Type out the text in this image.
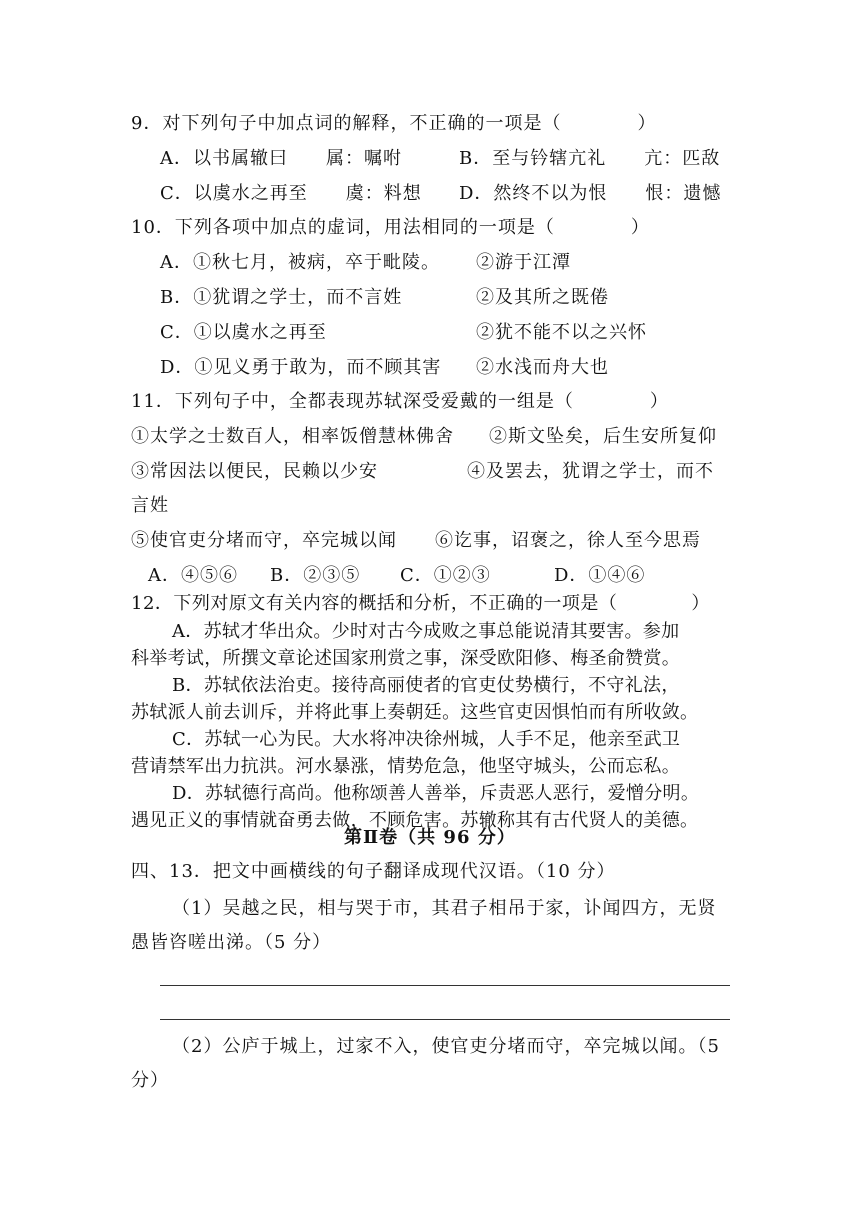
9．对下列句子中加点词的解释，不正确的一项是（　　　　）
A．以书属辙曰　　属：嘱咐	B．至与钤辖亢礼　　亢：匹敌
C．以虞水之再至　　虞：料想 D．然终不以为恨　　恨：遗憾
10．下列各项中加点的虚词，用法相同的一项是（　　　　）
A．①秋七月，被病，卒于毗陵。 ②游于江潭
B．①犹谓之学士，而不言姓	②及其所之既倦
C．①以虞水之再至	②犹不能不以之兴怀
D．①见义勇于敢为，而不顾其害 ②水浅而舟大也
11．下列句子中，全都表现苏轼深受爱戴的一组是（　　　　）
①太学之士数百人，相率饭僧慧林佛舍 ②斯文坠矣，后生安所复仰
③常因法以便民，民赖以少安	④及罢去，犹谓之学士，而不
言姓
⑤使官吏分堵而守，卒完城以闻 ⑥讫事，诏褒之，徐人至今思焉
A．④⑤⑥ B．②③⑤ C．①②③	D．①④⑥
12．下列对原文有关内容的概括和分析，不正确的一项是（　　　　）
A．苏轼才华出众。少时对古今成败之事总能说清其要害。参加
科举考试，所撰文章论述国家刑赏之事，深受欧阳修、梅圣俞赞赏。
B．苏轼依法治吏。接待高丽使者的官吏仗势横行，不守礼法，
苏轼派人前去训斥，并将此事上奏朝廷。这些官吏因惧怕而有所收敛。
C．苏轼一心为民。大水将冲决徐州城，人手不足，他亲至武卫
营请禁军出力抗洪。河水暴涨，情势危急，他坚守城头，公而忘私。
D．苏轼德行高尚。他称颂善人善举，斥责恶人恶行，爱憎分明。
遇见正义的事情就奋勇去做，不顾危害。苏辙称其有古代贤人的美德。
第Ⅱ卷（共 96 分）
四、13．把文中画横线的句子翻译成现代汉语。（10 分）
（1）吴越之民，相与哭于市，其君子相吊于家，讣闻四方，无贤
愚皆咨嗟出涕。（5 分）
（2）公庐于城上，过家不入，使官吏分堵而守，卒完城以闻。（5
分）
